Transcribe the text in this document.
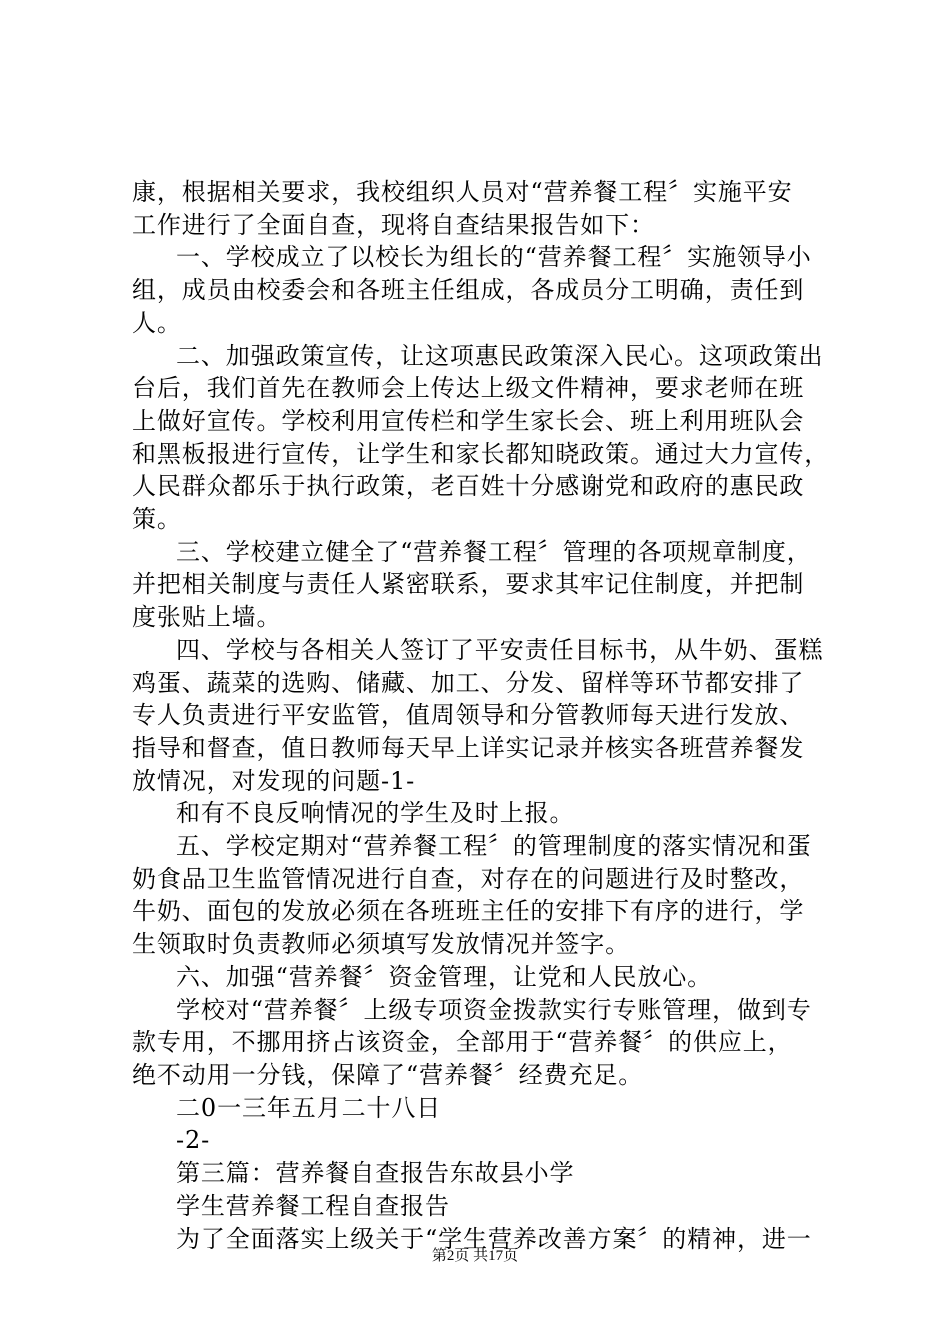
康，根据相关要求，我校组织人员对“营养餐工程〞实施平安
工作进行了全面自查，现将自查结果报告如下：
一、学校成立了以校长为组长的“营养餐工程〞实施领导小
组，成员由校委会和各班主任组成，各成员分工明确，责任到
人。
二、加强政策宣传，让这项惠民政策深入民心。这项政策出
台后，我们首先在教师会上传达上级文件精神，要求老师在班
上做好宣传。学校利用宣传栏和学生家长会、班上利用班队会
和黑板报进行宣传，让学生和家长都知晓政策。通过大力宣传，
人民群众都乐于执行政策，老百姓十分感谢党和政府的惠民政
策。
三、学校建立健全了“营养餐工程〞管理的各项规章制度，
并把相关制度与责任人紧密联系，要求其牢记住制度，并把制
度张贴上墙。
四、学校与各相关人签订了平安责任目标书，从牛奶、蛋糕
鸡蛋、蔬菜的选购、储藏、加工、分发、留样等环节都安排了
专人负责进行平安监管，值周领导和分管教师每天进行发放、
指导和督查，值日教师每天早上详实记录并核实各班营养餐发
放情况，对发现的问题-1-
和有不良反响情况的学生及时上报。
五、学校定期对“营养餐工程〞的管理制度的落实情况和蛋
奶食品卫生监管情况进行自查，对存在的问题进行及时整改，
牛奶、面包的发放必须在各班班主任的安排下有序的进行，学
生领取时负责教师必须填写发放情况并签字。
六、加强“营养餐〞资金管理，让党和人民放心。
学校对“营养餐〞上级专项资金拨款实行专账管理，做到专
款专用，不挪用挤占该资金，全部用于“营养餐〞的供应上，
绝不动用一分钱，保障了“营养餐〞经费充足。
二0一三年五月二十八日
-2-
第三篇：营养餐自查报告东故县小学
学生营养餐工程自查报告
为了全面落实上级关于“学生营养改善方案〞的精神，进一
第2页 共17页
